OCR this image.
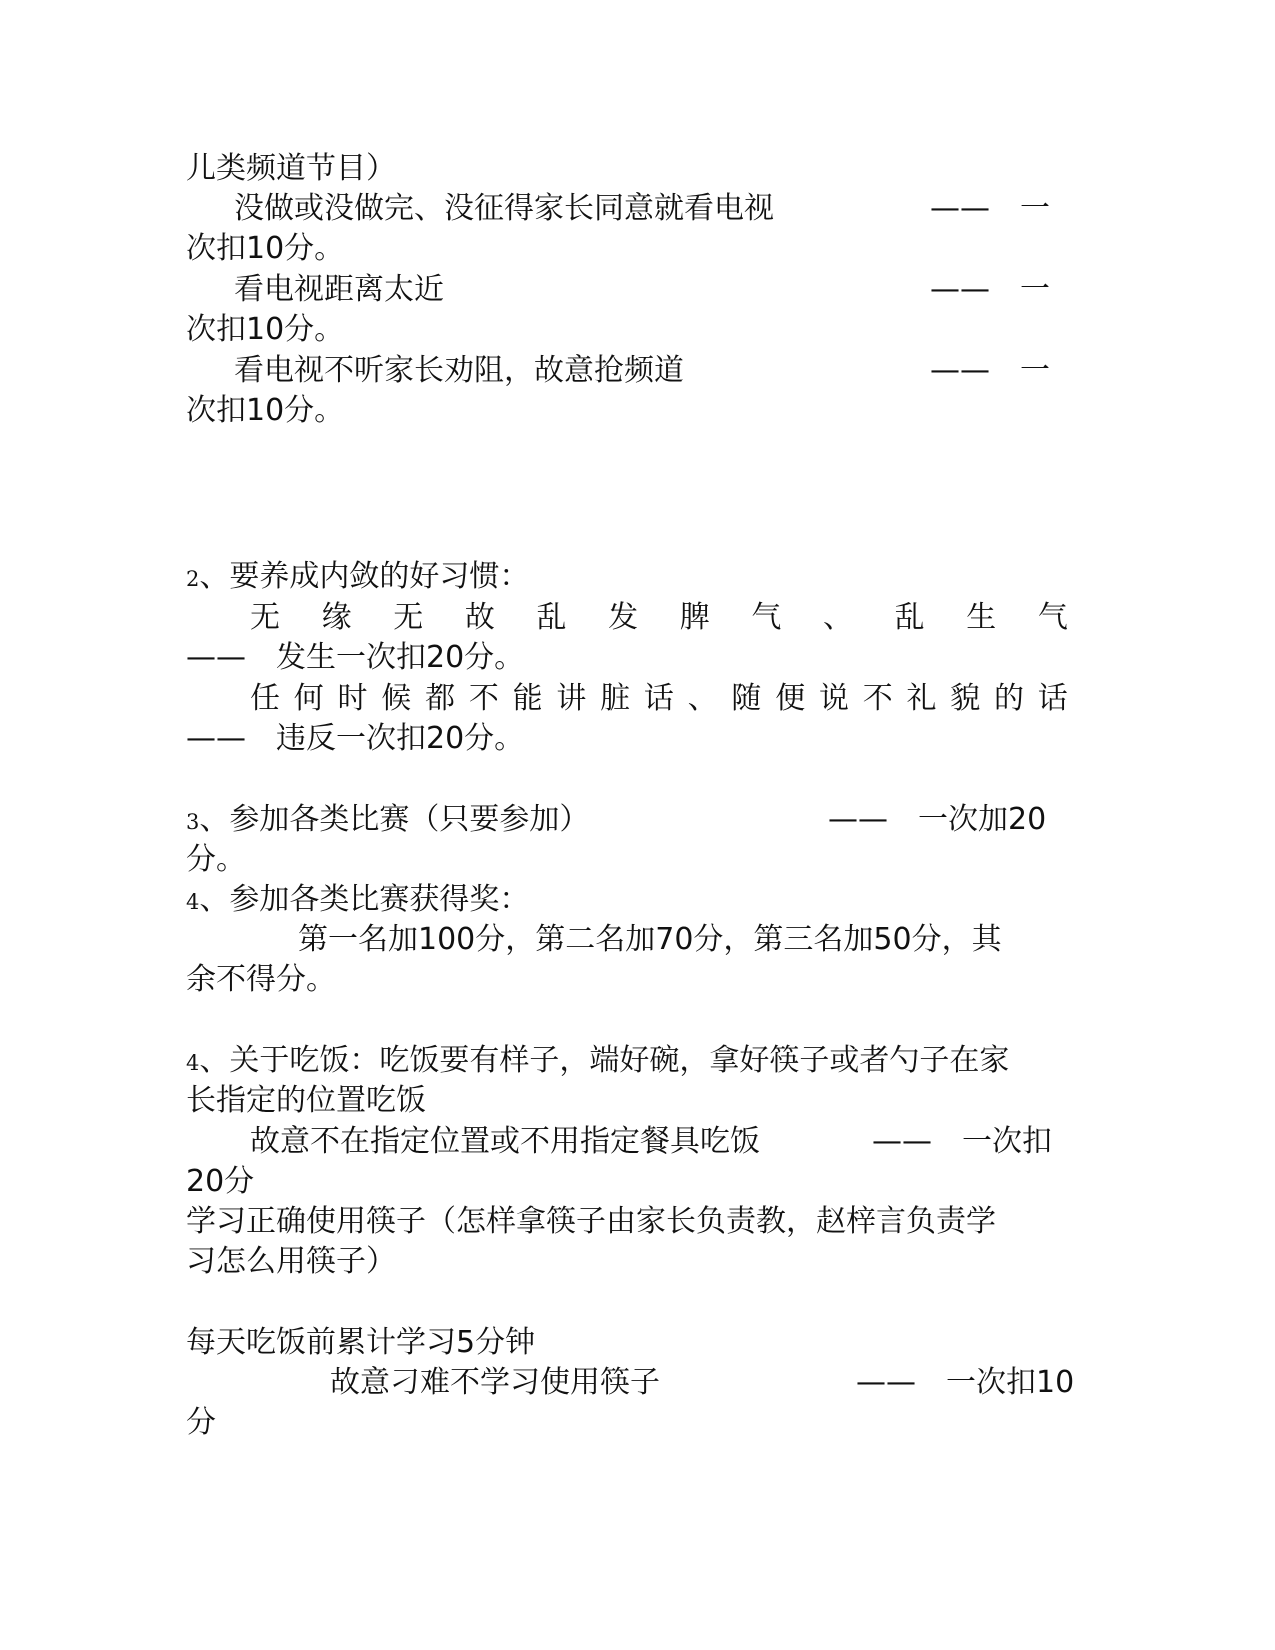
儿类频道节目）
没做或没做完、没征得家长同意就看电视	——　一
次扣10分。
看电视距离太近	——　一
次扣10分。
看电视不听家长劝阻，故意抢频道	——　一
次扣10分。
2、要养成内敛的好习惯：
无 缘 无 故 乱 发 脾 气 、 乱 生 气
——　发生一次扣20分。
任 何 时 候 都 不 能 讲 脏 话 、 随 便 说 不 礼 貌 的 话
——　违反一次扣20分。
3、参加各类比赛（只要参加）	——　一次加20
分。
4、参加各类比赛获得奖：
第一名加100分，第二名加70分，第三名加50分，其
余不得分。
4、关于吃饭：吃饭要有样子，端好碗，拿好筷子或者勺子在家
长指定的位置吃饭
故意不在指定位置或不用指定餐具吃饭	——　一次扣
20分
学习正确使用筷子（怎样拿筷子由家长负责教，赵梓言负责学
习怎么用筷子）
每天吃饭前累计学习5分钟
故意刁难不学习使用筷子	——　一次扣10
分
